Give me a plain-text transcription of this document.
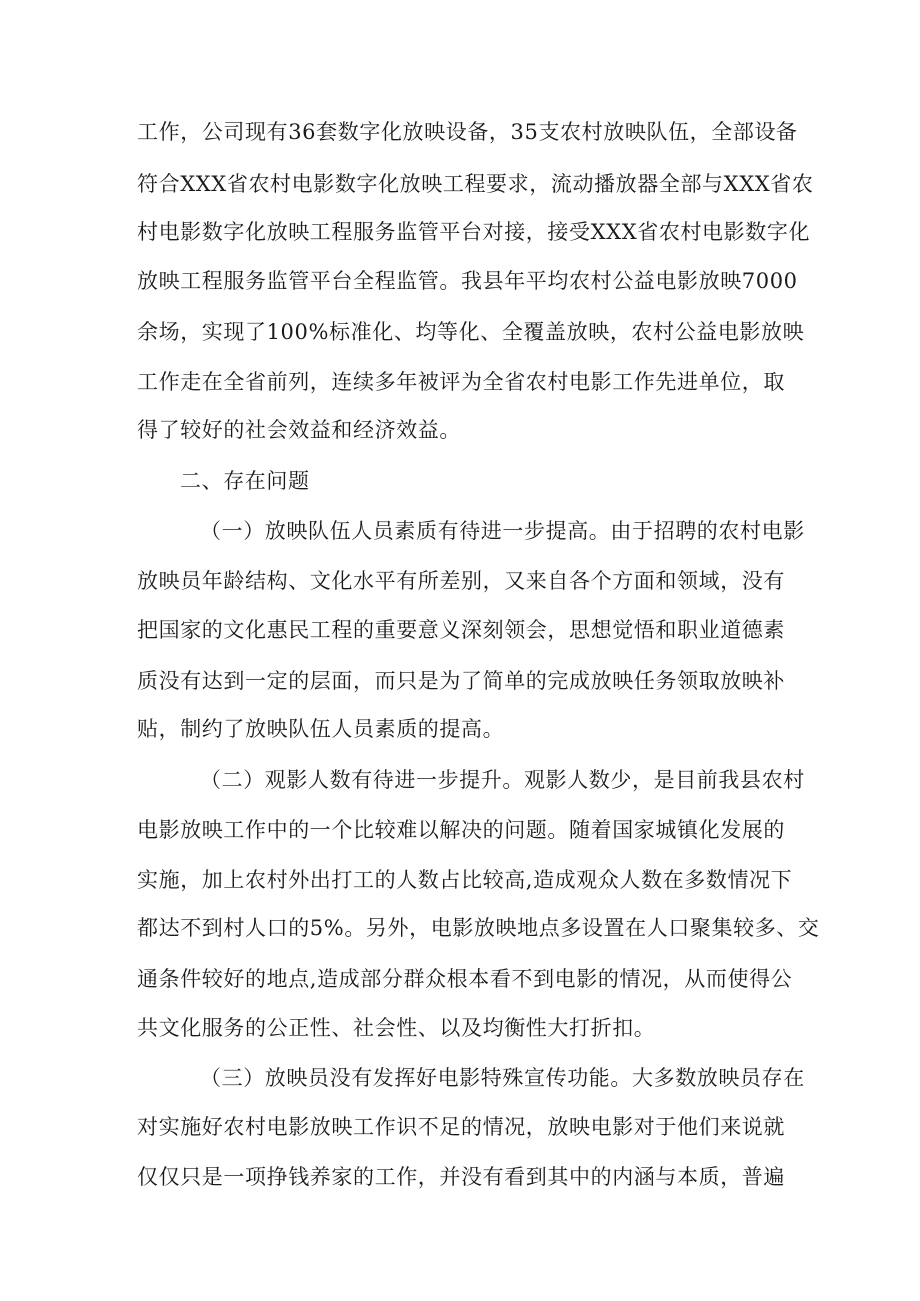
工作，公司现有36套数字化放映设备，35支农村放映队伍，全部设备
符合XXX省农村电影数字化放映工程要求，流动播放器全部与XXX省农
村电影数字化放映工程服务监管平台对接，接受XXX省农村电影数字化
放映工程服务监管平台全程监管。我县年平均农村公益电影放映7000
余场，实现了100%标准化、均等化、全覆盖放映，农村公益电影放映
工作走在全省前列，连续多年被评为全省农村电影工作先进单位，取
得了较好的社会效益和经济效益。
二、存在问题
（一）放映队伍人员素质有待进一步提高。由于招聘的农村电影
放映员年龄结构、文化水平有所差别，又来自各个方面和领域，没有
把国家的文化惠民工程的重要意义深刻领会，思想觉悟和职业道德素
质没有达到一定的层面，而只是为了简单的完成放映任务领取放映补
贴，制约了放映队伍人员素质的提高。
（二）观影人数有待进一步提升。观影人数少，是目前我县农村
电影放映工作中的一个比较难以解决的问题。随着国家城镇化发展的
实施，加上农村外出打工的人数占比较高,造成观众人数在多数情况下
都达不到村人口的5%。另外，电影放映地点多设置在人口聚集较多、交
通条件较好的地点,造成部分群众根本看不到电影的情况，从而使得公
共文化服务的公正性、社会性、以及均衡性大打折扣。
（三）放映员没有发挥好电影特殊宣传功能。大多数放映员存在
对实施好农村电影放映工作识不足的情况，放映电影对于他们来说就
仅仅只是一项挣钱养家的工作，并没有看到其中的内涵与本质，普遍
